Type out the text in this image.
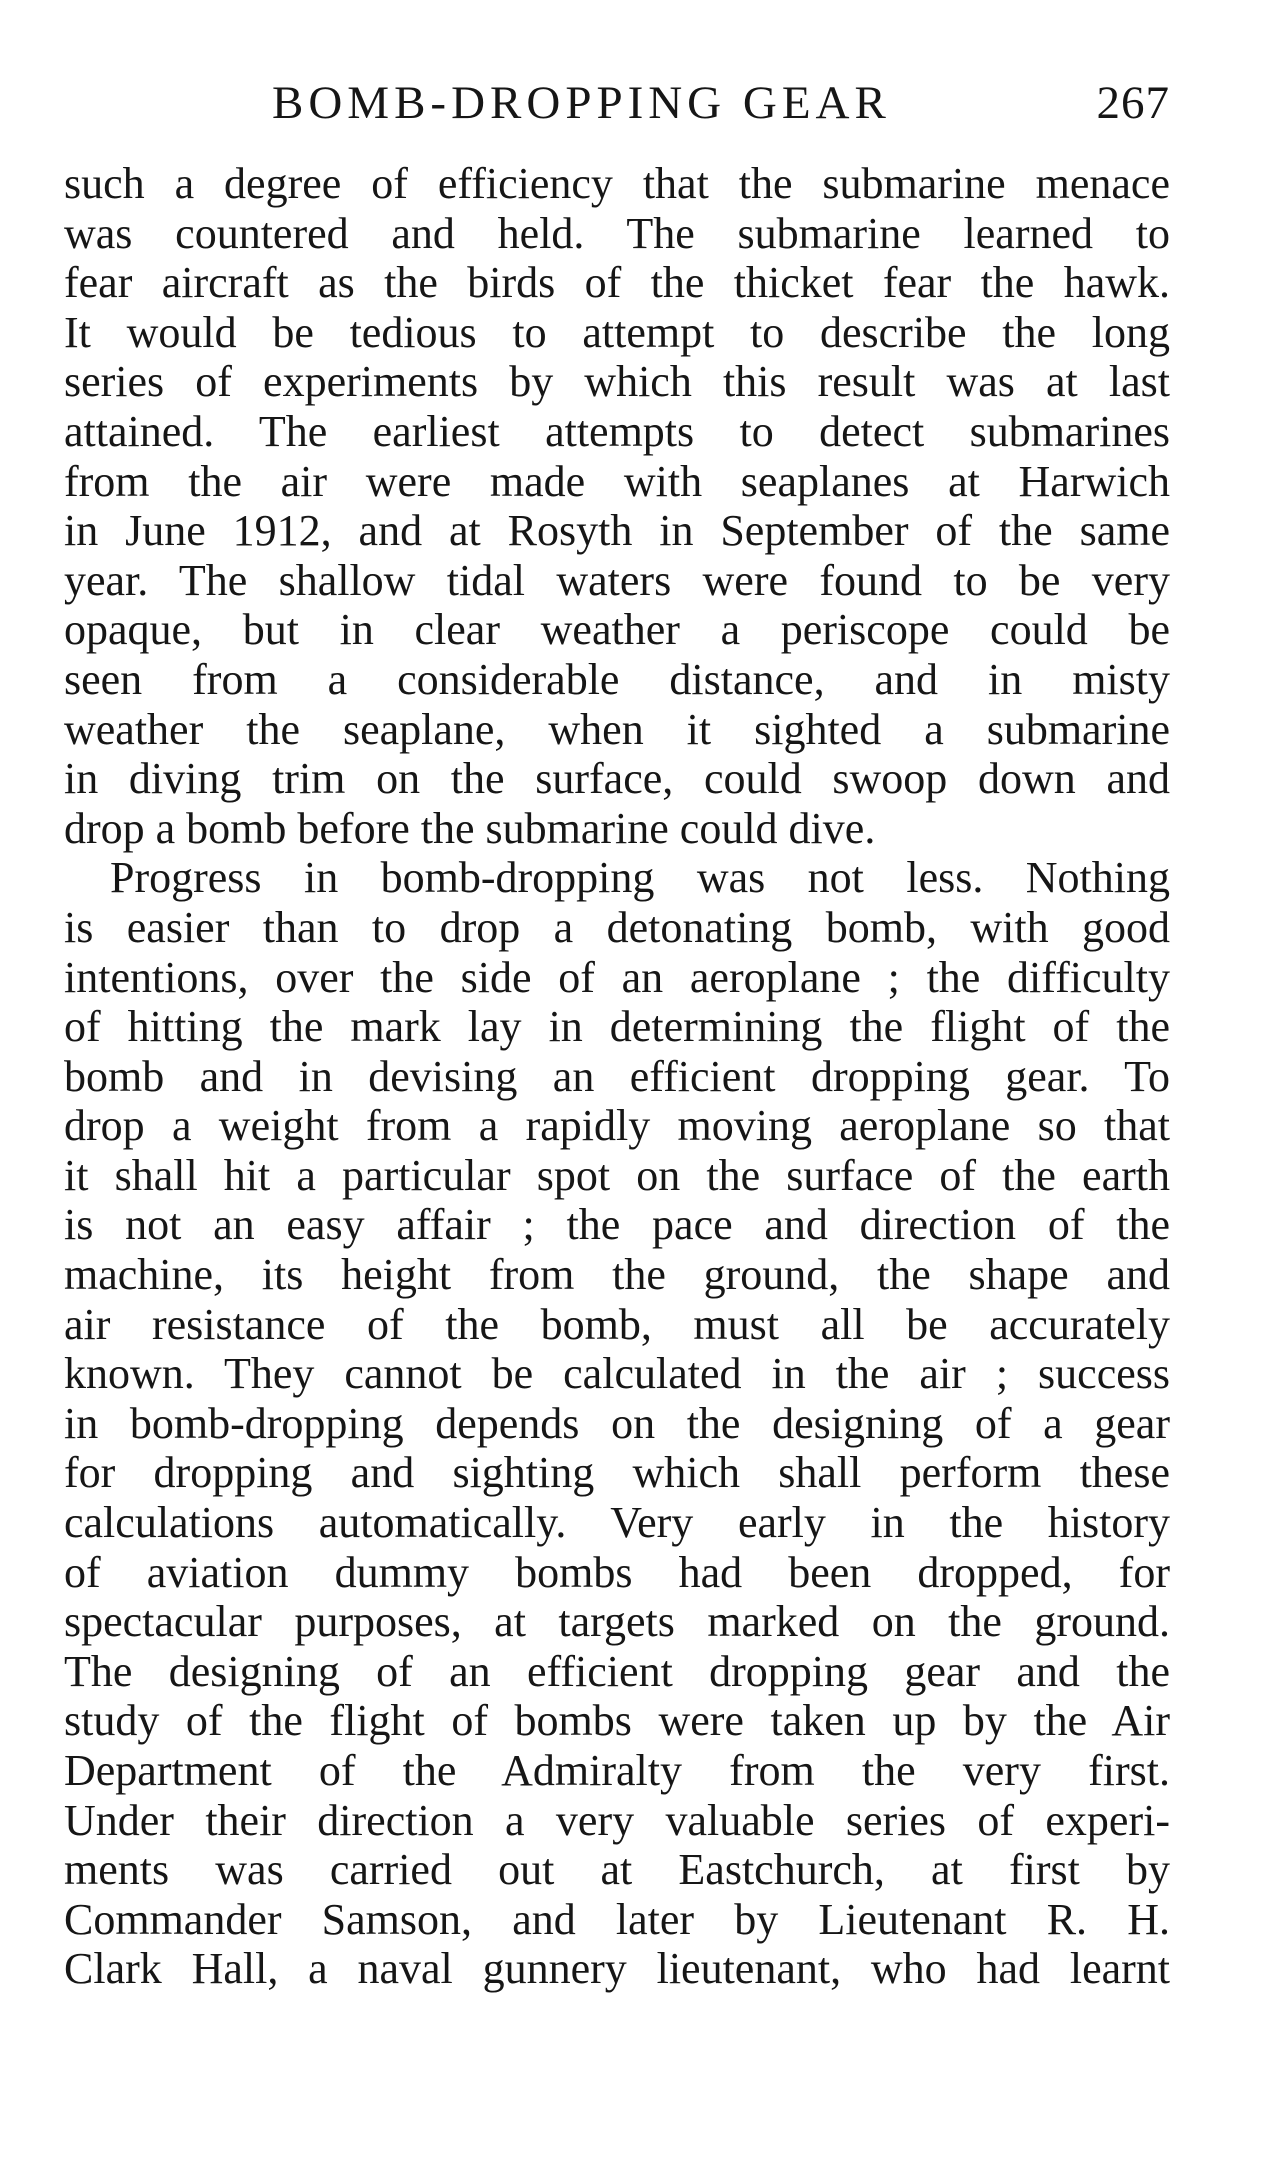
BOMB-DROPPING GEAR	267
such a degree of efficiency that the submarine menace
was countered and held. The submarine learned to
fear aircraft as the birds of the thicket fear the hawk.
It would be tedious to attempt to describe the long
series of experiments by which this result was at last
attained. The earliest attempts to detect submarines
from the air were made with seaplanes at Harwich
in June 1912, and at Rosyth in September of the same
year. The shallow tidal waters were found to be very
opaque, but in clear weather a periscope could be
seen from a considerable distance, and in misty
weather the seaplane, when it sighted a submarine
in diving trim on the surface, could swoop down and
drop a bomb before the submarine could dive.
Progress in bomb-dropping was not less. Nothing
is easier than to drop a detonating bomb, with good
intentions, over the side of an aeroplane ; the difficulty
of hitting the mark lay in determining the flight of the
bomb and in devising an efficient dropping gear. To
drop a weight from a rapidly moving aeroplane so that
it shall hit a particular spot on the surface of the earth
is not an easy affair ; the pace and direction of the
machine, its height from the ground, the shape and
air resistance of the bomb, must all be accurately
known. They cannot be calculated in the air ; success
in bomb-dropping depends on the designing of a gear
for dropping and sighting which shall perform these
calculations automatically. Very early in the history
of aviation dummy bombs had been dropped, for
spectacular purposes, at targets marked on the ground.
The designing of an efficient dropping gear and the
study of the flight of bombs were taken up by the Air
Department of the Admiralty from the very first.
Under their direction a very valuable series of experi-
ments was carried out at Eastchurch, at first by
Commander Samson, and later by Lieutenant R. H.
Clark Hall, a naval gunnery lieutenant, who had learnt
